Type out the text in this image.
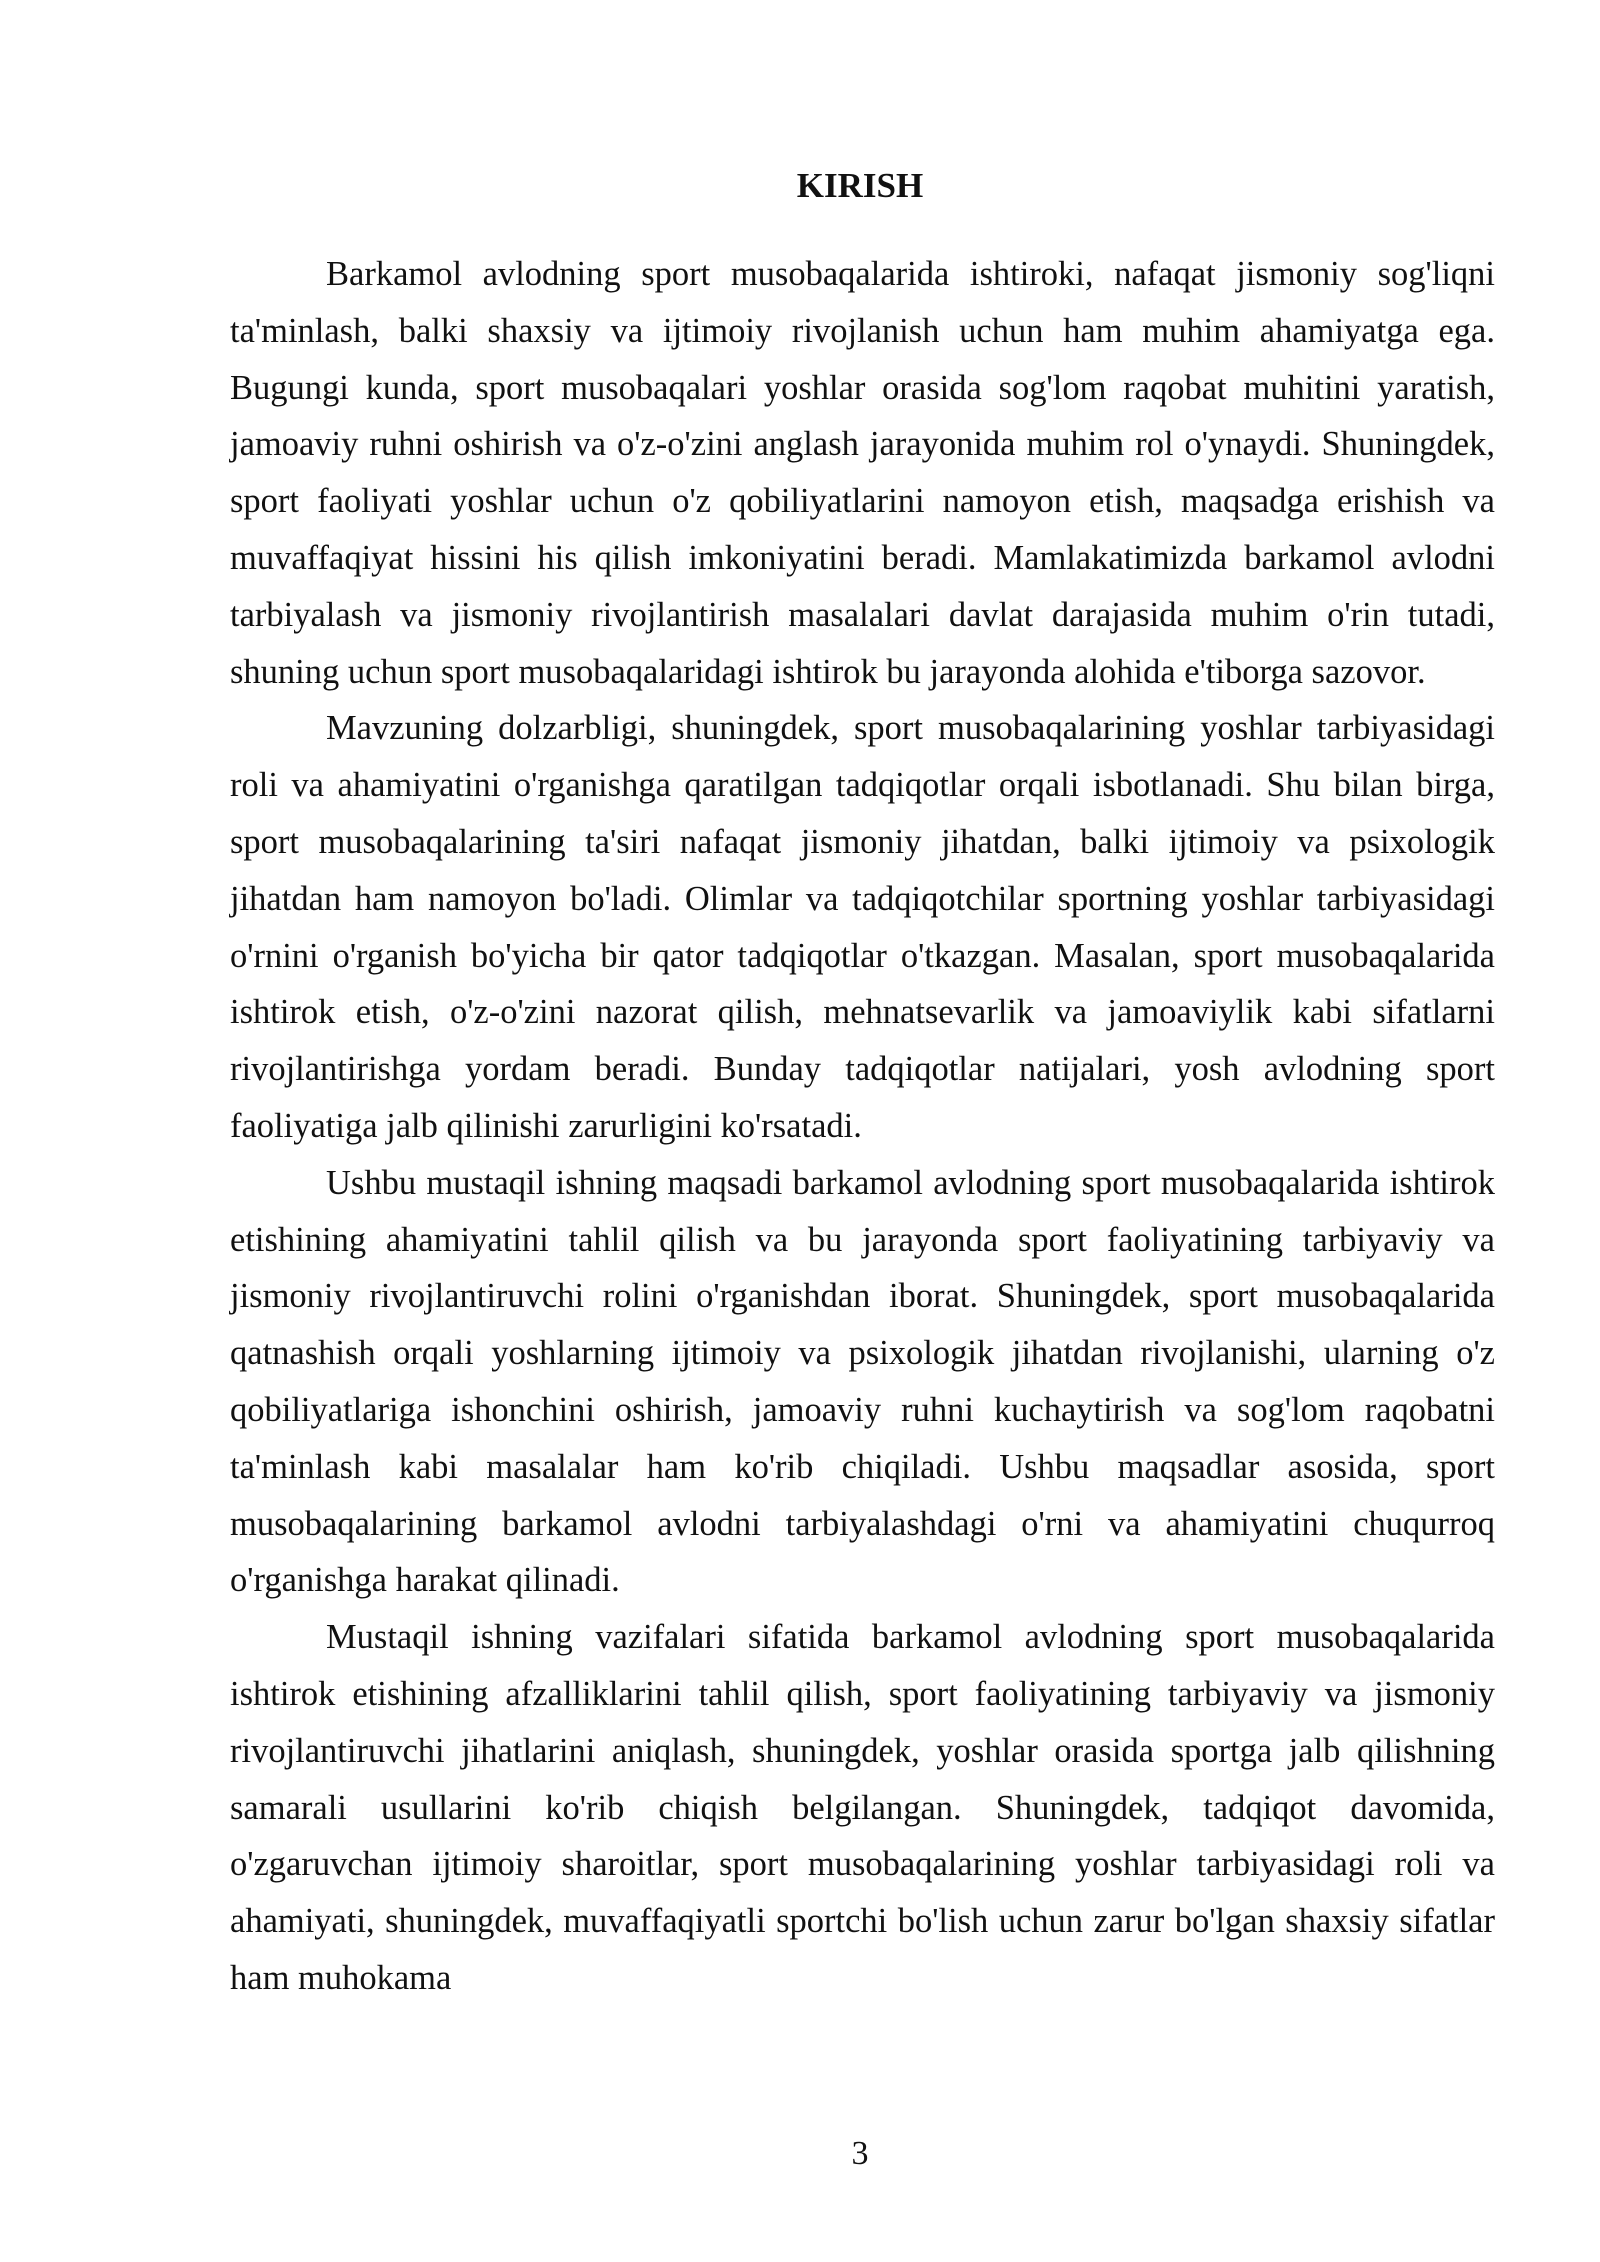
KIRISH

Barkamol avlodning sport musobaqalarida ishtiroki, nafaqat jismoniy sog'liqni ta'minlash, balki shaxsiy va ijtimoiy rivojlanish uchun ham muhim ahamiyatga ega. Bugungi kunda, sport musobaqalari yoshlar orasida sog'lom raqobat muhitini yaratish, jamoaviy ruhni oshirish va o'z-o'zini anglash jarayonida muhim rol o'ynaydi. Shuningdek, sport faoliyati yoshlar uchun o'z qobiliyatlarini namoyon etish, maqsadga erishish va muvaffaqiyat hissini his qilish imkoniyatini beradi. Mamlakatimizda barkamol avlodni tarbiyalash va jismoniy rivojlantirish masalalari davlat darajasida muhim o'rin tutadi, shuning uchun sport musobaqalaridagi ishtirok bu jarayonda alohida e'tiborga sazovor.

Mavzuning dolzarbligi, shuningdek, sport musobaqalarining yoshlar tarbiyasidagi roli va ahamiyatini o'rganishga qaratilgan tadqiqotlar orqali isbotlanadi. Shu bilan birga, sport musobaqalarining ta'siri nafaqat jismoniy jihatdan, balki ijtimoiy va psixologik jihatdan ham namoyon bo'ladi. Olimlar va tadqiqotchilar sportning yoshlar tarbiyasidagi o'rnini o'rganish bo'yicha bir qator tadqiqotlar o'tkazgan. Masalan, sport musobaqalarida ishtirok etish, o'z-o'zini nazorat qilish, mehnatsevarlik va jamoaviylik kabi sifatlarni rivojlantirishga yordam beradi. Bunday tadqiqotlar natijalari, yosh avlodning sport faoliyatiga jalb qilinishi zarurligini ko'rsatadi.

Ushbu mustaqil ishning maqsadi barkamol avlodning sport musobaqalarida ishtirok etishining ahamiyatini tahlil qilish va bu jarayonda sport faoliyatining tarbiyaviy va jismoniy rivojlantiruvchi rolini o'rganishdan iborat. Shuningdek, sport musobaqalarida qatnashish orqali yoshlarning ijtimoiy va psixologik jihatdan rivojlanishi, ularning o'z qobiliyatlariga ishonchini oshirish, jamoaviy ruhni kuchaytirish va sog'lom raqobatni ta'minlash kabi masalalar ham ko'rib chiqiladi. Ushbu maqsadlar asosida, sport musobaqalarining barkamol avlodni tarbiyalashdagi o'rni va ahamiyatini chuqurroq o'rganishga harakat qilinadi.

Mustaqil ishning vazifalari sifatida barkamol avlodning sport musobaqalarida ishtirok etishining afzalliklarini tahlil qilish, sport faoliyatining tarbiyaviy va jismoniy rivojlantiruvchi jihatlarini aniqlash, shuningdek, yoshlar orasida sportga jalb qilishning samarali usullarini ko'rib chiqish belgilangan. Shuningdek, tadqiqot davomida, o'zgaruvchan ijtimoiy sharoitlar, sport musobaqalarining yoshlar tarbiyasidagi roli va ahamiyati, shuningdek, muvaffaqiyatli sportchi bo'lish uchun zarur bo'lgan shaxsiy sifatlar ham muhokama

3
